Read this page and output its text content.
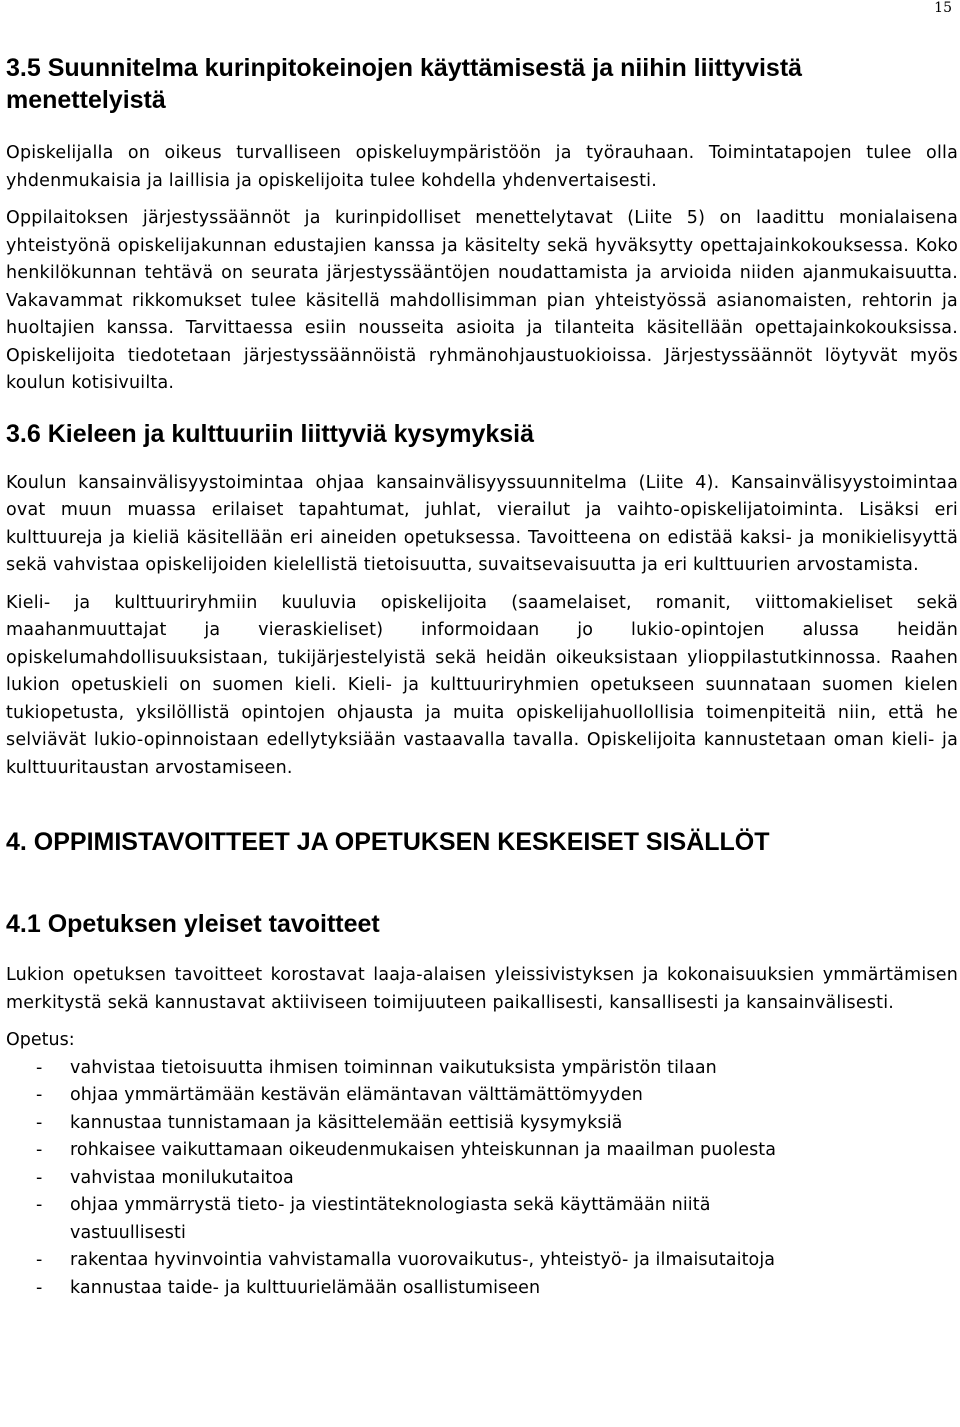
15
3.5 Suunnitelma kurinpitokeinojen käyttämisestä ja niihin liittyvistä menettelyistä

Opiskelijalla on oikeus turvalliseen opiskeluympäristöön ja työrauhaan. Toimintatapojen tulee olla yhdenmukaisia ja laillisia ja opiskelijoita tulee kohdella yhdenvertaisesti.

Oppilaitoksen järjestyssäännöt ja kurinpidolliset menettelytavat (Liite 5) on laadittu monialaisena yhteistyönä opiskelijakunnan edustajien kanssa ja käsitelty sekä hyväksytty opettajainkokouksessa. Koko henkilökunnan tehtävä on seurata järjestyssääntöjen noudattamista ja arvioida niiden ajanmukaisuutta. Vakavammat rikkomukset tulee käsitellä mahdollisimman pian yhteistyössä asianomaisten, rehtorin ja huoltajien kanssa. Tarvittaessa esiin nousseita asioita ja tilanteita käsitellään opettajainkokouksissa. Opiskelijoita tiedotetaan järjestyssäännöistä ryhmänohjaustuokioissa. Järjestyssäännöt löytyvät myös koulun kotisivuilta.

3.6 Kieleen ja kulttuuriin liittyviä kysymyksiä

Koulun kansainvälisyystoimintaa ohjaa kansainvälisyyssuunnitelma (Liite 4). Kansainvälisyystoimintaa ovat muun muassa erilaiset tapahtumat, juhlat, vierailut ja vaihto-opiskelijatoiminta. Lisäksi eri kulttuureja ja kieliä käsitellään eri aineiden opetuksessa. Tavoitteena on edistää kaksi- ja monikielisyyttä sekä vahvistaa opiskelijoiden kielellistä tietoisuutta, suvaitsevaisuutta ja eri kulttuurien arvostamista.

Kieli- ja kulttuuriryhmiin kuuluvia opiskelijoita (saamelaiset, romanit, viittomakieliset sekä maahanmuuttajat ja vieraskieliset) informoidaan jo lukio-opintojen alussa heidän opiskelumahdollisuuksistaan, tukijärjestelyistä sekä heidän oikeuksistaan ylioppilastutkinnossa. Raahen lukion opetuskieli on suomen kieli. Kieli- ja kulttuuriryhmien opetukseen suunnataan suomen kielen tukiopetusta, yksilöllistä opintojen ohjausta ja muita opiskelijahuollollisia toimenpiteitä niin, että he selviävät lukio-opinnoistaan edellytyksiään vastaavalla tavalla. Opiskelijoita kannustetaan oman kieli- ja kulttuuritaustan arvostamiseen.

4. OPPIMISTAVOITTEET JA OPETUKSEN KESKEISET SISÄLLÖT
4.1 Opetuksen yleiset tavoitteet

Lukion opetuksen tavoitteet korostavat laaja-alaisen yleissivistyksen ja kokonaisuuksien ymmärtämisen merkitystä sekä kannustavat aktiiviseen toimijuuteen paikallisesti, kansallisesti ja kansainvälisesti.

Opetus:
- vahvistaa tietoisuutta ihmisen toiminnan vaikutuksista ympäristön tilaan
- ohjaa ymmärtämään kestävän elämäntavan välttämättömyyden
- kannustaa tunnistamaan ja käsittelemään eettisiä kysymyksiä
- rohkaisee vaikuttamaan oikeudenmukaisen yhteiskunnan ja maailman puolesta
- vahvistaa monilukutaitoa
- ohjaa ymmärrystä tieto- ja viestintäteknologiasta sekä käyttämään niitä vastuullisesti
- rakentaa hyvinvointia vahvistamalla vuorovaikutus-, yhteistyö- ja ilmaisutaitoja
- kannustaa taide- ja kulttuurielämään osallistumiseen
